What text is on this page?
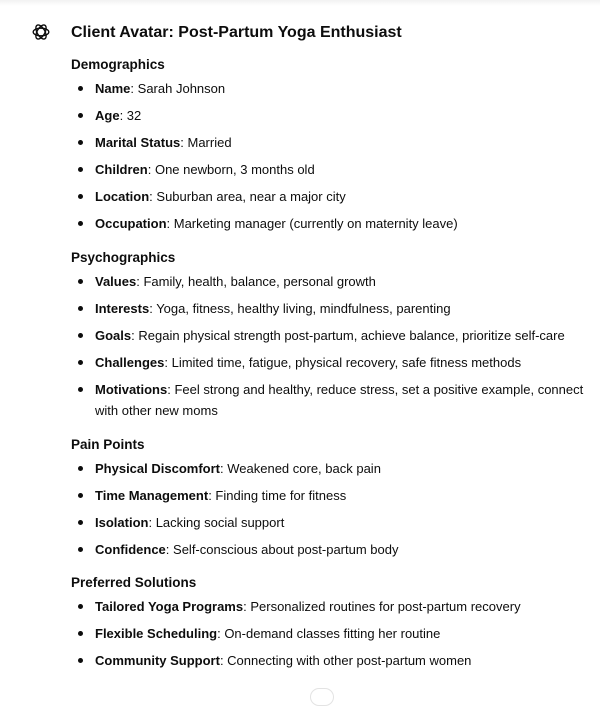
Client Avatar: Post-Partum Yoga Enthusiast
Demographics
Name: Sarah Johnson
Age: 32
Marital Status: Married
Children: One newborn, 3 months old
Location: Suburban area, near a major city
Occupation: Marketing manager (currently on maternity leave)
Psychographics
Values: Family, health, balance, personal growth
Interests: Yoga, fitness, healthy living, mindfulness, parenting
Goals: Regain physical strength post-partum, achieve balance, prioritize self-care
Challenges: Limited time, fatigue, physical recovery, safe fitness methods
Motivations: Feel strong and healthy, reduce stress, set a positive example, connect with other new moms
Pain Points
Physical Discomfort: Weakened core, back pain
Time Management: Finding time for fitness
Isolation: Lacking social support
Confidence: Self-conscious about post-partum body
Preferred Solutions
Tailored Yoga Programs: Personalized routines for post-partum recovery
Flexible Scheduling: On-demand classes fitting her routine
Community Support: Connecting with other post-partum women
